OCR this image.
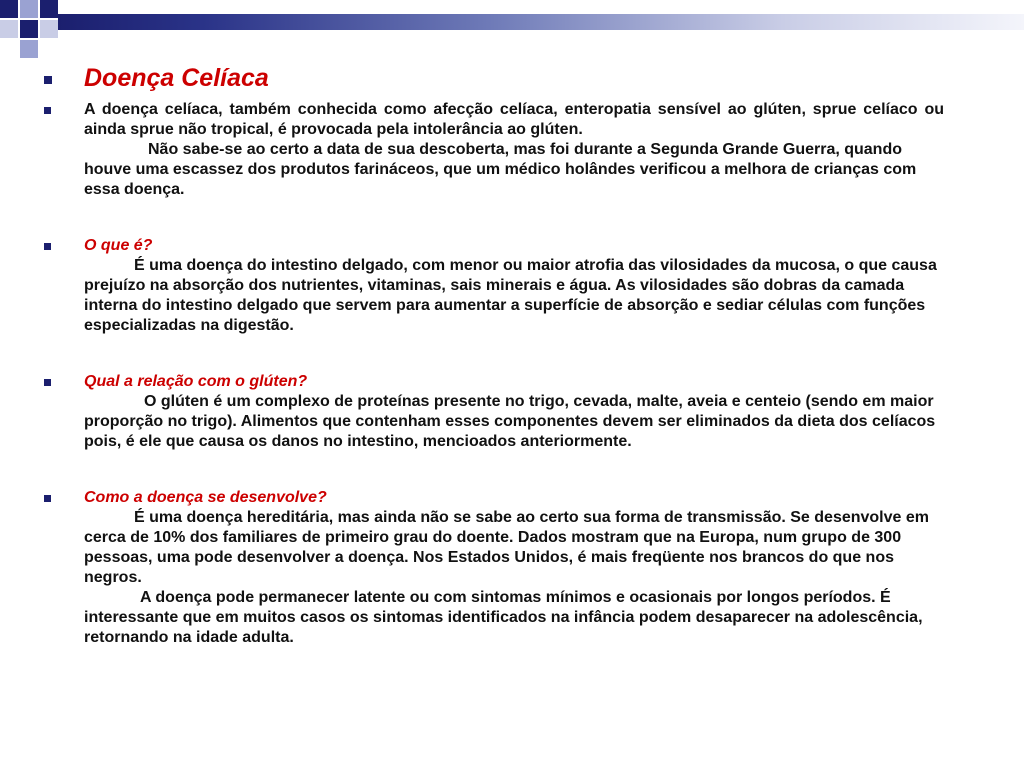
Doença Celíaca
A doença celíaca, também conhecida como afecção celíaca, enteropatia sensível ao glúten, sprue celíaco ou ainda sprue não tropical, é provocada pela intolerância ao glúten.
Não sabe-se ao certo a data de sua descoberta, mas foi durante a Segunda Grande Guerra, quando houve uma escassez dos produtos farináceos, que um médico holândes verificou a melhora de crianças com essa doença.
O que é?
É uma doença do intestino delgado, com menor ou maior atrofia das vilosidades da mucosa, o que causa prejuízo na absorção dos nutrientes, vitaminas, sais minerais e água. As vilosidades são dobras da camada interna do intestino delgado que servem para aumentar a superfície de absorção e sediar células com funções especializadas na digestão.
Qual a relação com o glúten?
O glúten é um complexo de proteínas presente no trigo, cevada, malte, aveia e centeio (sendo em maior proporção no trigo). Alimentos que contenham esses componentes devem ser eliminados da dieta dos celíacos pois, é ele que causa os danos no intestino, mencioados anteriormente.
Como a doença se desenvolve?
É uma doença hereditária, mas ainda não se sabe ao certo sua forma de transmissão. Se desenvolve em cerca de 10% dos familiares de primeiro grau do doente. Dados mostram que na Europa, num grupo de 300 pessoas, uma pode desenvolver a doença. Nos Estados Unidos, é mais freqüente nos brancos do que nos negros.
A doença pode permanecer latente ou com sintomas mínimos e ocasionais por longos períodos. É interessante que em muitos casos os sintomas identificados na infância podem desaparecer na adolescência, retornando na idade adulta.
